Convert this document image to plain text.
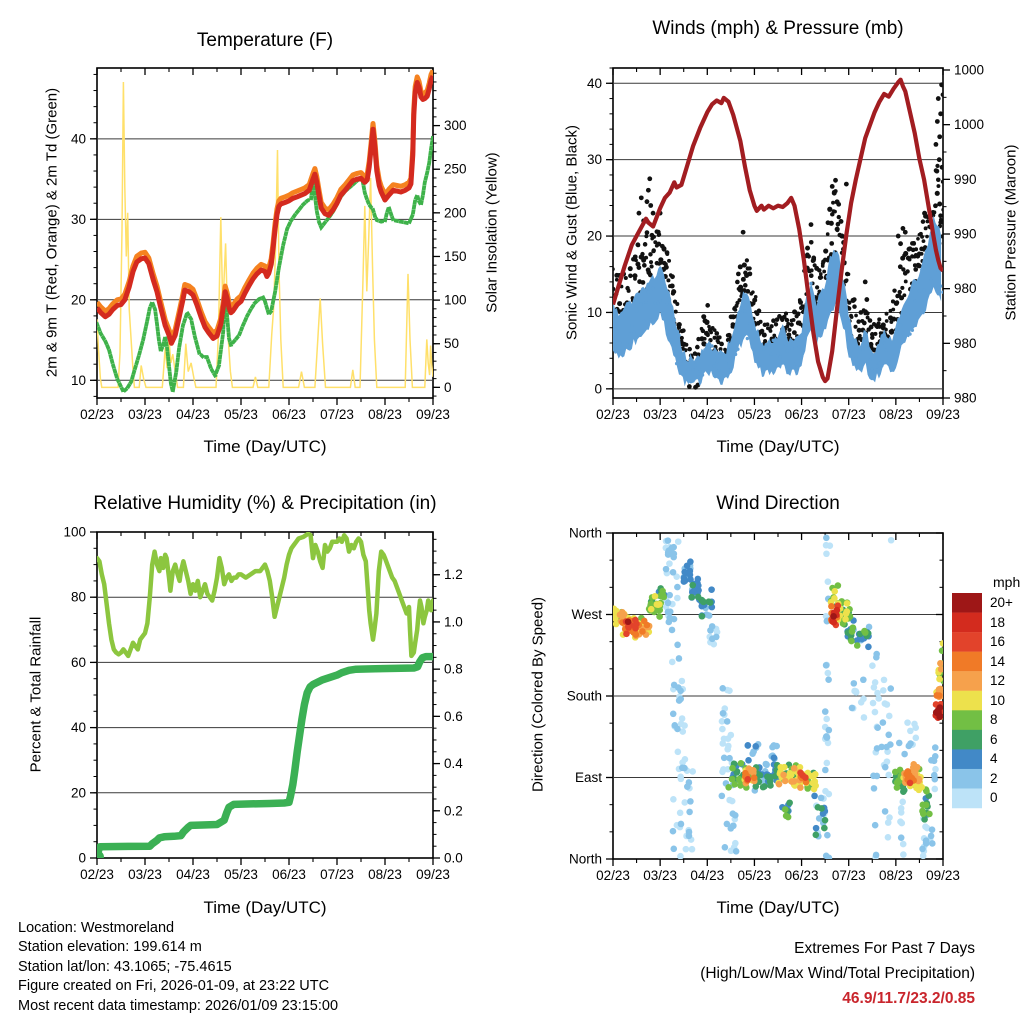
10
20
30
40
0
50
100
150
200
250
300
02/23 03/23 04/23 05/23 06/23 07/23 08/23 09/23
0
10
20
30
40
02/23 03/23 04/23 05/23 06/23 07/23 08/23 09/23
1000
1000
990
990
980
980
980
0
20
40
60
80
100
0.0
0.2
0.4
0.6
0.8
1.0
1.2
02/23 03/23 04/23 05/23 06/23 07/23 08/23 09/23
North
West
South
East
North
02/23 03/23 04/23 05/23 06/23 07/23 08/23 09/23
Temperature (F)
Winds (mph) & Pressure (mb)
Relative Humidity (%) & Precipitation (in)	Wind Direction
Time (Day/UTC)	Time (Day/UTC)
Time (Day/UTC)	Time (Day/UTC)
2m & 9m T (Red, Orange) & 2m Td (Green)	Solar Insolation (Yellow)	Sonic Wind & Gust (Blue, Black)	Station Pressure (Maroon)
Percent & Total Rainfall	Direction (Colored By Speed)
mph
20+
18
16
14
12
10
8
6
4
2
0
Location: Westmoreland
Station elevation: 199.614 m
Station lat/lon: 43.1065; -75.4615
Figure created on Fri, 2026-01-09, at 23:22 UTC
Most recent data timestamp: 2026/01/09 23:15:00
Extremes For Past 7 Days
(High/Low/Max Wind/Total Precipitation)
46.9/11.7/23.2/0.85
